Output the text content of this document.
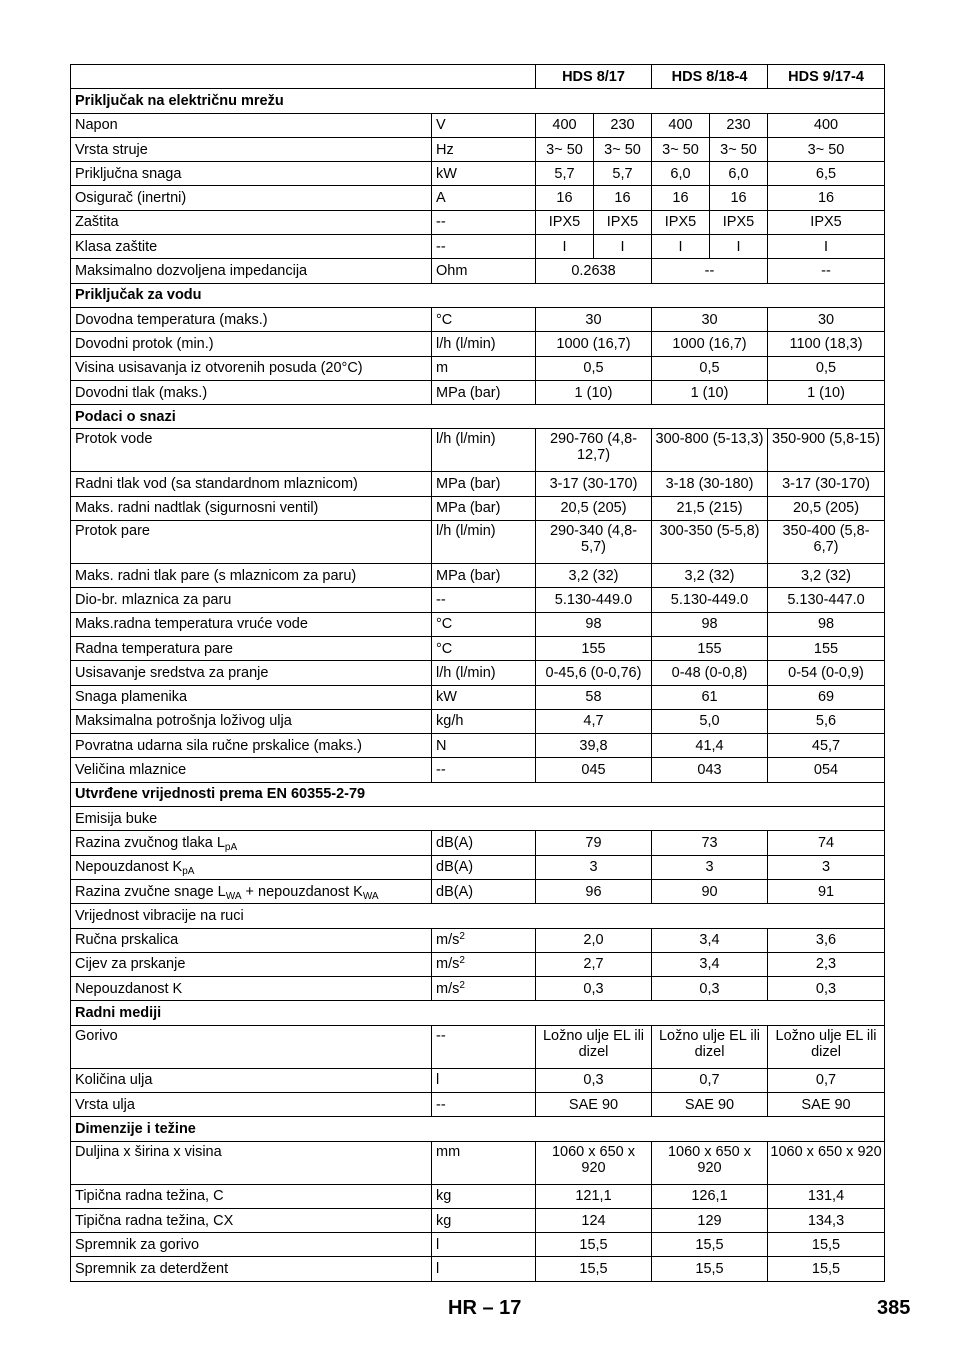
		HDS 8/17		HDS 8/18-4		HDS 9/17-4
Priključak na električnu mrežu						
Napon	V	400	230	400	230	400
Vrsta struje	Hz	3~ 50	3~ 50	3~ 50	3~ 50	3~ 50
Priključna snaga	kW	5,7	5,7	6,0	6,0	6,5
Osigurač (inertni)	A	16	16	16	16	16
Zaštita	--	IPX5	IPX5	IPX5	IPX5	IPX5
Klasa zaštite	--	I	I	I	I	I
Maksimalno dozvoljena impedancija	Ohm	0.2638		--		--
Priključak za vodu						
Dovodna temperatura (maks.)	°C	30		30		30
Dovodni protok (min.)	l/h (l/min)	1000 (16,7)		1000 (16,7)		1100 (18,3)
Visina usisavanja iz otvorenih posuda (20°C)	m	0,5		0,5		0,5
Dovodni tlak (maks.)	MPa (bar)	1 (10)		1 (10)		1 (10)
Podaci o snazi						
Protok vode	l/h (l/min)	290-760 (4,8-12,7)		300-800 (5-13,3)		350-900 (5,8-15)
Radni tlak vod (sa standardnom mlaznicom)	MPa (bar)	3-17 (30-170)		3-18 (30-180)		3-17 (30-170)
Maks. radni nadtlak (sigurnosni ventil)	MPa (bar)	20,5 (205)		21,5 (215)		20,5 (205)
Protok pare	l/h (l/min)	290-340 (4,8-5,7)		300-350 (5-5,8)		350-400 (5,8-6,7)
Maks. radni tlak pare (s mlaznicom za paru)	MPa (bar)	3,2 (32)		3,2 (32)		3,2 (32)
Dio-br. mlaznica za paru	--	5.130-449.0		5.130-449.0		5.130-447.0
Maks.radna temperatura vruće vode	°C	98		98		98
Radna temperatura pare	°C	155		155		155
Usisavanje sredstva za pranje	l/h (l/min)	0-45,6 (0-0,76)		0-48 (0-0,8)		0-54 (0-0,9)
Snaga plamenika	kW	58		61		69
Maksimalna potrošnja loživog ulja	kg/h	4,7		5,0		5,6
Povratna udarna sila ručne prskalice (maks.)	N	39,8		41,4		45,7
Veličina mlaznice	--	045		043		054
Utvrđene vrijednosti prema EN 60355-2-79						
Emisija buke						
Razina zvučnog tlaka $L_{pA}$	dB(A)	79		73		74
Nepouzdanost $K_{pA}$	dB(A)	3		3		3
Razina zvučne snage $L_{WA}$ + nepouzdanost $K_{WA}$	dB(A)	96		90		91
Vrijednost vibracije na ruci						
Ručna prskalica	$m/s^2$	2,0		3,4		3,6
Cijev za prskanje	$m/s^2$	2,7		3,4		2,3
Nepouzdanost K	$m/s^2$	0,3		0,3		0,3
Radni mediji						
Gorivo	--	Ložno ulje EL ili dizel		Ložno ulje EL ili dizel		Ložno ulje EL ili dizel
Količina ulja	l	0,3		0,7		0,7
Vrsta ulja	--	SAE 90		SAE 90		SAE 90
Dimenzije i težine						
Duljina x širina x visina	mm	1060 x 650 x 920		1060 x 650 x 920		1060 x 650 x 920
Tipična radna težina, C	kg	121,1		126,1		131,4
Tipična radna težina, CX	kg	124		129		134,3
Spremnik za gorivo	l	15,5		15,5		15,5
Spremnik za deterdžent	l	15,5		15,5		15,5
HR – 17	385
